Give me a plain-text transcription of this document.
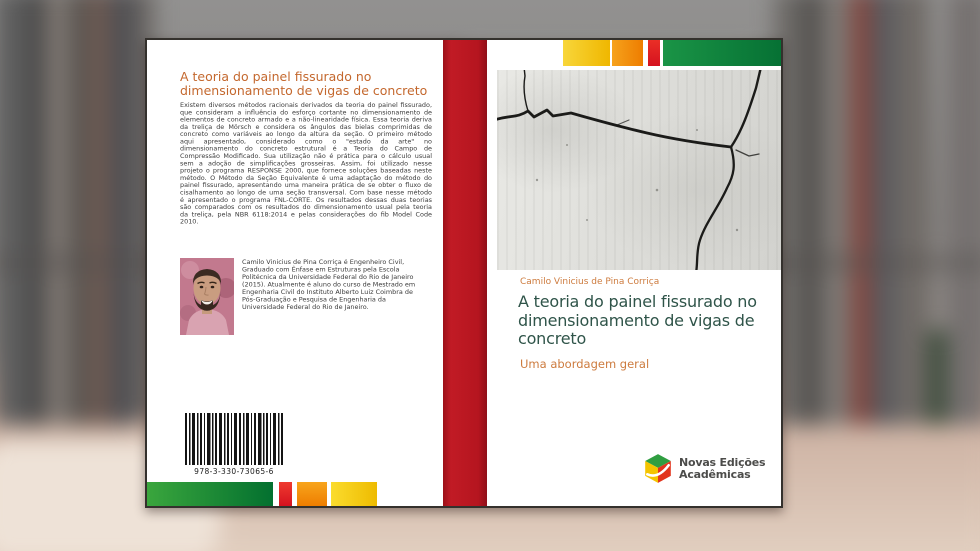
A teoria do painel fissurado no dimensionamento de vigas de concreto

Existem diversos métodos racionais derivados da teoria do painel fissurado, que consideram a influência do esforço cortante no dimensionamento de elementos de concreto armado e a não-linearidade física. Essa teoria deriva da treliça de Mörsch e considera os ângulos das bielas comprimidas de concreto como variáveis ao longo da altura da seção. O primeiro método aqui apresentado, considerado como o "estado da arte" no dimensionamento do concreto estrutural é a Teoria do Campo de Compressão Modificado. Sua utilização não é prática para o cálculo usual sem a adoção de simplificações grosseiras. Assim, foi utilizado nesse projeto o programa RESPONSE 2000, que fornece soluções baseadas neste método. O Método da Seção Equivalente é uma adaptação do método do painel fissurado, apresentando uma maneira prática de se obter o fluxo de cisalhamento ao longo de uma seção transversal. Com base nesse método é apresentado o programa FNL-CORTE. Os resultados dessas duas teorias são comparados com os resultados do dimensionamento usual pela teoria da treliça, pela NBR 6118:2014 e pelas considerações do fib Model Code 2010.

Camilo Vinicius de Pina Corriça é Engenheiro Civil, Graduado com Ênfase em Estruturas pela Escola Politécnica da Universidade Federal do Rio de Janeiro (2015). Atualmente é aluno do curso de Mestrado em Engenharia Civil do Instituto Alberto Luiz Coimbra de Pós-Graduação e Pesquisa de Engenharia da Universidade Federal do Rio de Janeiro.

978-3-330-73065-6
Camilo Vinicius de Pina Corriça
A teoria do painel fissurado no dimensionamento de vigas de concreto
Uma abordagem geral
Novas Edições
Acadêmicas
